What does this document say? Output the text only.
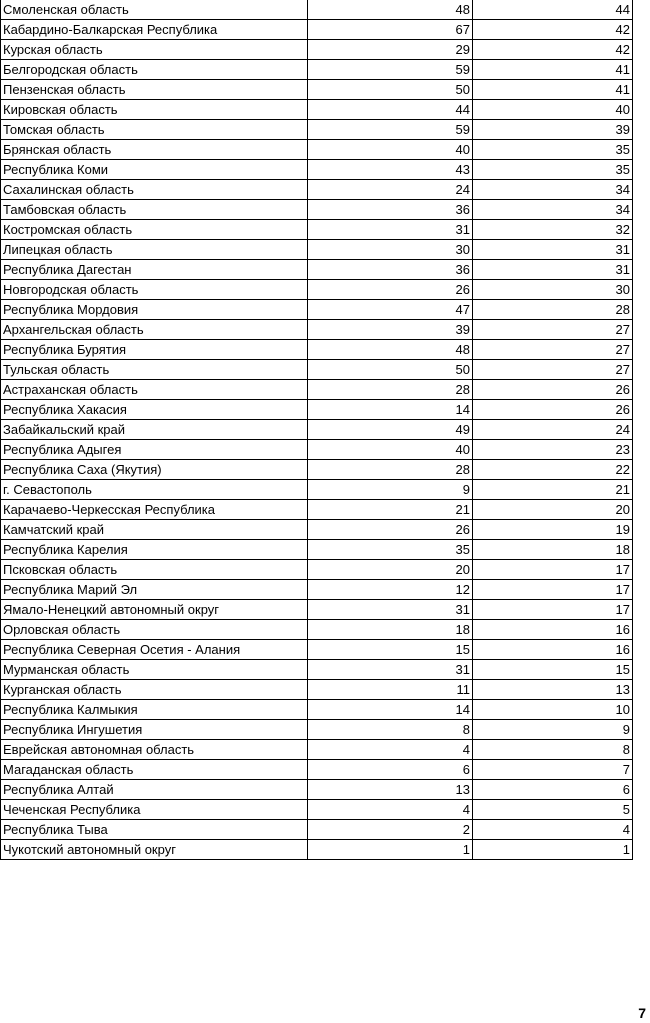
Смоленская область	48	44
Кабардино-Балкарская Республика	67	42
Курская область	29	42
Белгородская область	59	41
Пензенская область	50	41
Кировская область	44	40
Томская область	59	39
Брянская область	40	35
Республика Коми	43	35
Сахалинская область	24	34
Тамбовская область	36	34
Костромская область	31	32
Липецкая область	30	31
Республика Дагестан	36	31
Новгородская область	26	30
Республика Мордовия	47	28
Архангельская область	39	27
Республика Бурятия	48	27
Тульская область	50	27
Астраханская область	28	26
Республика Хакасия	14	26
Забайкальский край	49	24
Республика Адыгея	40	23
Республика Саха (Якутия)	28	22
г. Севастополь	9	21
Карачаево-Черкесская Республика	21	20
Камчатский край	26	19
Республика Карелия	35	18
Псковская область	20	17
Республика Марий Эл	12	17
Ямало-Ненецкий автономный округ	31	17
Орловская область	18	16
Республика Северная Осетия - Алания	15	16
Мурманская область	31	15
Курганская область	11	13
Республика Калмыкия	14	10
Республика Ингушетия	8	9
Еврейская автономная область	4	8
Магаданская область	6	7
Республика Алтай	13	6
Чеченская Республика	4	5
Республика Тыва	2	4
Чукотский автономный округ	1	1
7
